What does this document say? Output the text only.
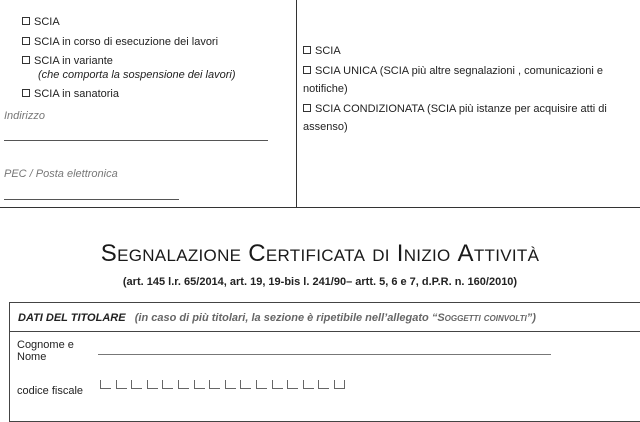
SCIA
SCIA in corso di esecuzione dei lavori
SCIA in variante
(che comporta la sospensione dei lavori)
SCIA in sanatoria
Indirizzo
PEC / Posta elettronica
SCIA
SCIA UNICA (SCIA più altre segnalazioni , comunicazioni e notifiche)
SCIA CONDIZIONATA (SCIA più istanze per acquisire atti di assenso)
Segnalazione Certificata di Inizio Attività
(art. 145 l.r. 65/2014, art. 19, 19-bis l. 241/90– artt. 5, 6 e 7, d.P.R. n. 160/2010)
DATI DEL TITOLARE (in caso di più titolari, la sezione è ripetibile nell’allegato “Soggetti coinvolti”)
Cognome e
Nome
codice fiscale
